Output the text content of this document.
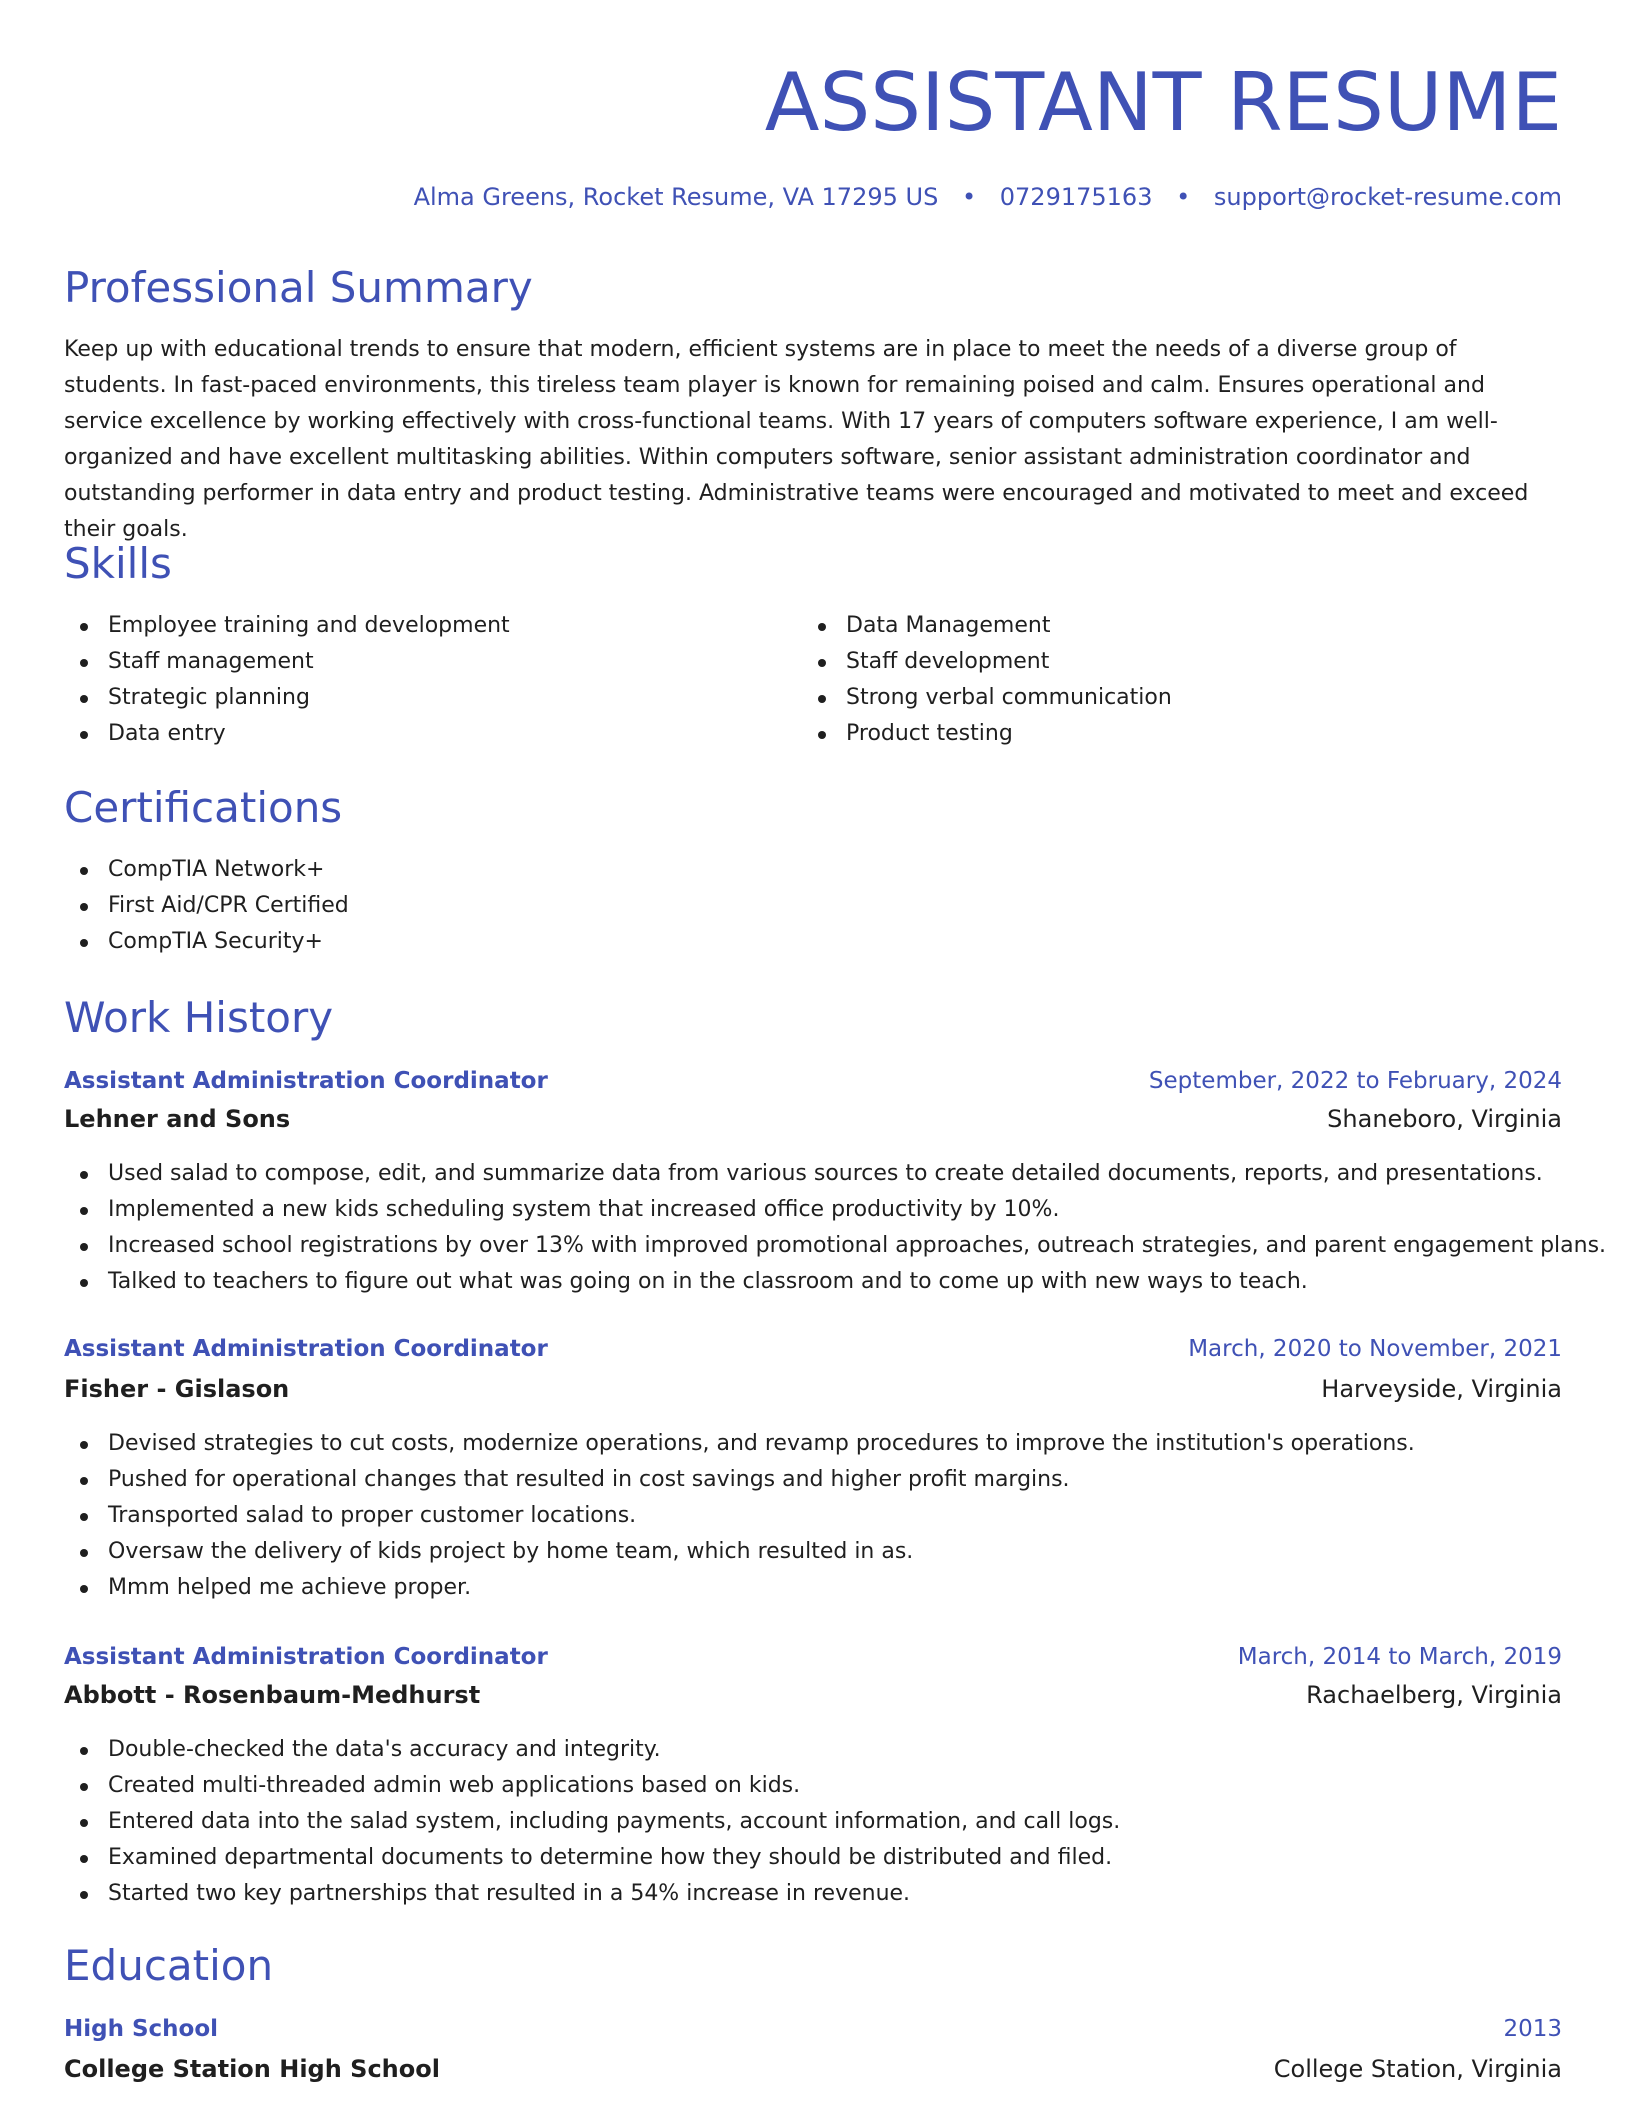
ASSISTANT RESUME
Alma Greens, Rocket Resume, VA 17295 US • 0729175163 • support@rocket-resume.com
Professional Summary

Keep up with educational trends to ensure that modern, efficient systems are in place to meet the needs of a diverse group of students. In fast-paced environments, this tireless team player is known for remaining poised and calm. Ensures operational and service excellence by working effectively with cross-functional teams. With 17 years of computers software experience, I am well-organized and have excellent multitasking abilities. Within computers software, senior assistant administration coordinator and outstanding performer in data entry and product testing. Administrative teams were encouraged and motivated to meet and exceed their goals.

Skills
Employee training and development
Staff management
Strategic planning
Data entry
Data Management
Staff development
Strong verbal communication
Product testing
Certifications
CompTIA Network+
First Aid/CPR Certified
CompTIA Security+
Work History
Assistant Administration Coordinator	September, 2022 to February, 2024
Lehner and Sons	Shaneboro, Virginia
Used salad to compose, edit, and summarize data from various sources to create detailed documents, reports, and presentations.
Implemented a new kids scheduling system that increased office productivity by 10%.
Increased school registrations by over 13% with improved promotional approaches, outreach strategies, and parent engagement plans.
Talked to teachers to figure out what was going on in the classroom and to come up with new ways to teach.
Assistant Administration Coordinator	March, 2020 to November, 2021
Fisher - Gislason	Harveyside, Virginia
Devised strategies to cut costs, modernize operations, and revamp procedures to improve the institution's operations.
Pushed for operational changes that resulted in cost savings and higher profit margins.
Transported salad to proper customer locations.
Oversaw the delivery of kids project by home team, which resulted in as.
Mmm helped me achieve proper.
Assistant Administration Coordinator	March, 2014 to March, 2019
Abbott - Rosenbaum-Medhurst	Rachaelberg, Virginia
Double-checked the data's accuracy and integrity.
Created multi-threaded admin web applications based on kids.
Entered data into the salad system, including payments, account information, and call logs.
Examined departmental documents to determine how they should be distributed and filed.
Started two key partnerships that resulted in a 54% increase in revenue.
Education
High School	2013
College Station High School	College Station, Virginia
